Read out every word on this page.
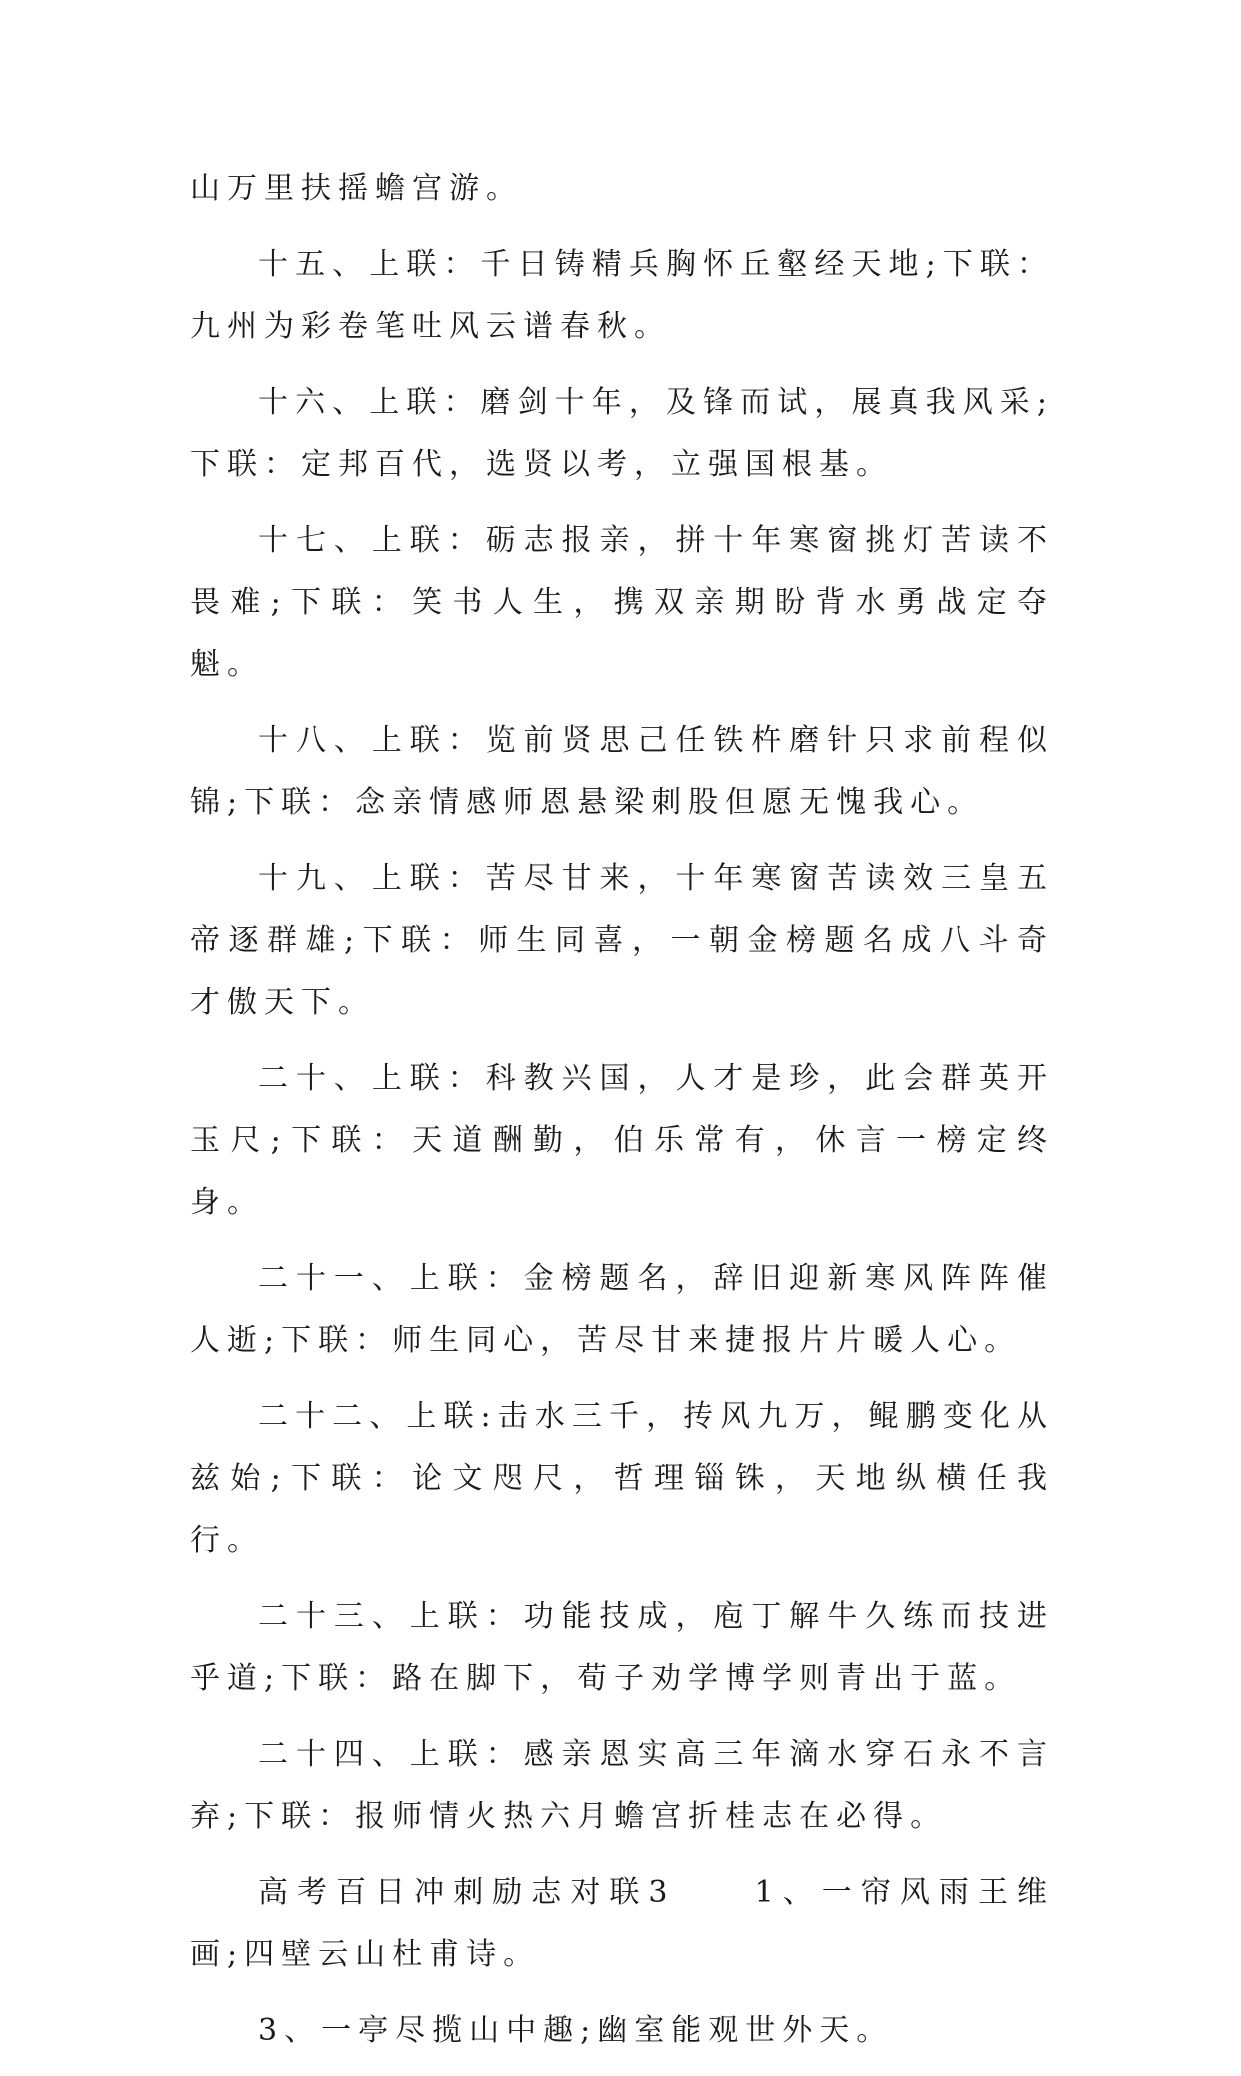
山万里扶摇蟾宫游。

十五、上联：千日铸精兵胸怀丘壑经天地;下联：九州为彩卷笔吐风云谱春秋。

十六、上联：磨剑十年，及锋而试，展真我风采;下联：定邦百代，选贤以考，立强国根基。

十七、上联：砺志报亲，拼十年寒窗挑灯苦读不畏难;下联：笑书人生，携双亲期盼背水勇战定夺魁。

十八、上联：览前贤思己任铁杵磨针只求前程似锦;下联：念亲情感师恩悬梁刺股但愿无愧我心。

十九、上联：苦尽甘来，十年寒窗苦读效三皇五帝逐群雄;下联：师生同喜，一朝金榜题名成八斗奇才傲天下。

二十、上联：科教兴国，人才是珍，此会群英开玉尺;下联：天道酬勤，伯乐常有，休言一榜定终身。

二十一、上联：金榜题名，辞旧迎新寒风阵阵催人逝;下联：师生同心，苦尽甘来捷报片片暖人心。

二十二、上联:击水三千，抟风九万，鲲鹏变化从兹始;下联：论文咫尺，哲理锱铢，天地纵横任我行。

二十三、上联：功能技成，庖丁解牛久练而技进乎道;下联：路在脚下，荀子劝学博学则青出于蓝。

二十四、上联：感亲恩实高三年滴水穿石永不言弃;下联：报师情火热六月蟾宫折桂志在必得。

高考百日冲刺励志对联3　　1、一帘风雨王维画;四壁云山杜甫诗。

3、一亭尽揽山中趣;幽室能观世外天。
